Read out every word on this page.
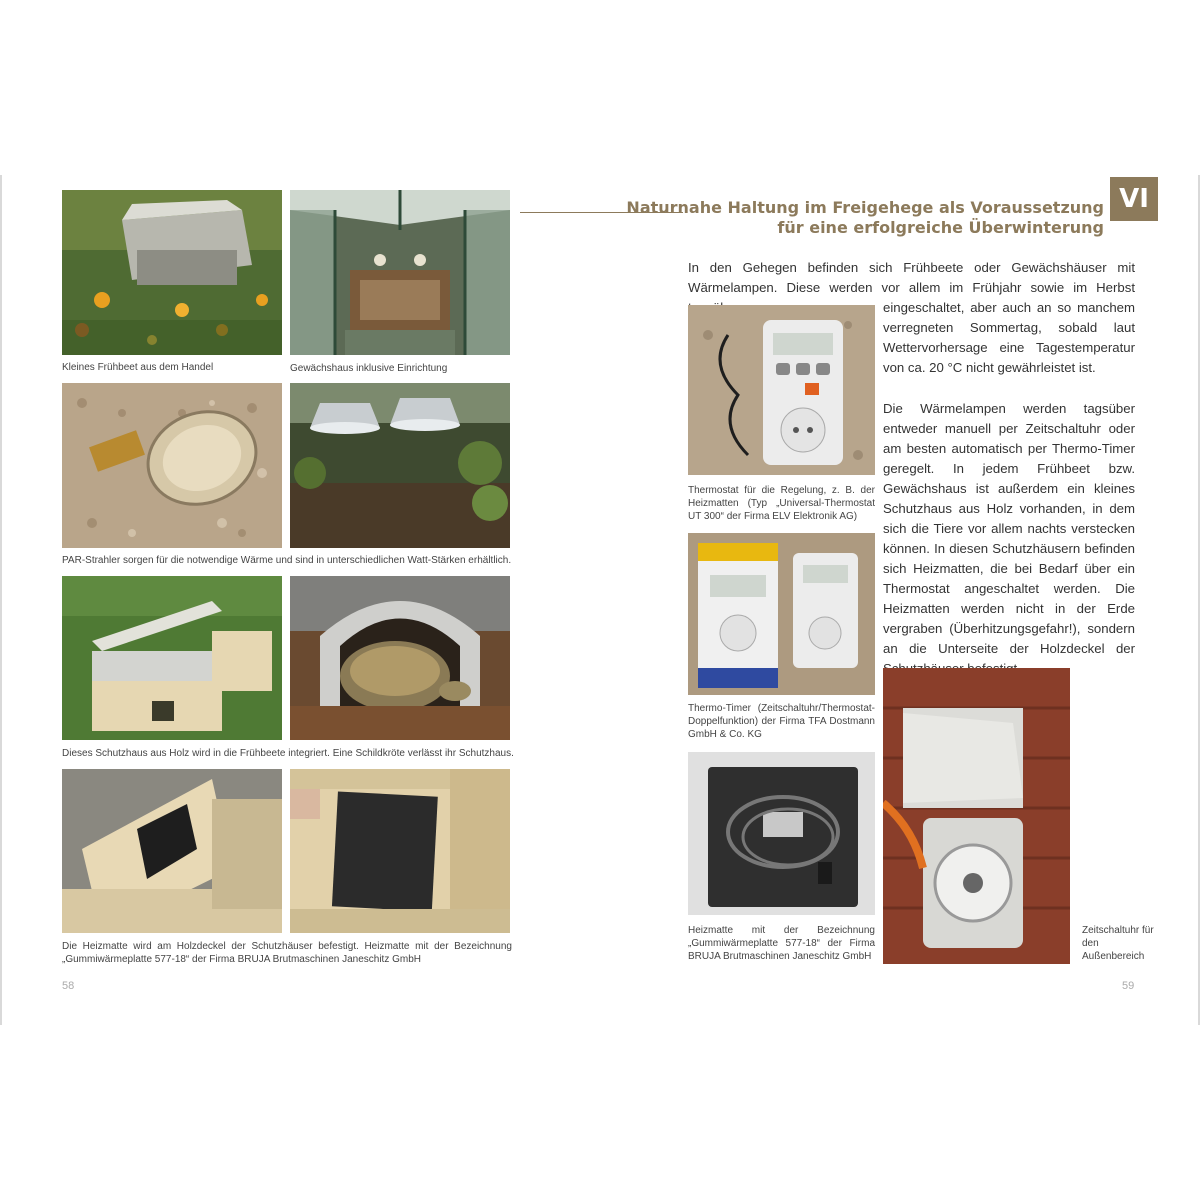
Kleines Frühbeet aus dem Handel	Gewächshaus inklusive Einrichtung
PAR-Strahler sorgen für die notwendige Wärme und sind in unterschiedlichen Watt-Stärken erhältlich.
Dieses Schutzhaus aus Holz wird in die Frühbeete integriert. Eine Schildkröte verlässt ihr Schutzhaus.
Die Heizmatte wird am Holzdeckel der Schutzhäuser befestigt. Heizmatte mit der Bezeichnung „Gummiwärmeplatte 577-18“ der Firma BRUJA Brutmaschinen Janeschitz GmbH
58
Naturnahe Haltung im Freigehege als Voraussetzung
für eine erfolgreiche Überwinterung
VI
In den Gehegen befinden sich Frühbeete oder Gewächshäuser mit Wärmelampen. Diese werden vor allem im Frühjahr sowie im Herbst
Thermostat für die Regelung, z. B. der Heizmatten (Typ „Universal-Thermostat UT 300“ der Firma ELV Elektronik AG)
eingeschaltet, aber auch an so manchem verregneten Sommertag, sobald laut Wettervorhersage eine Tagestemperatur von ca. 20 °C nicht gewährleistet ist.
Die Wärmelampen werden tagsüber entweder manuell per Zeitschaltuhr oder am besten automatisch per Thermo-Timer geregelt. In jedem Frühbeet bzw. Gewächshaus ist außerdem ein kleines Schutzhaus aus Holz vorhanden, in dem sich die Tiere vor allem nachts verstecken können. In diesen Schutzhäusern befinden sich Heizmatten, die bei Bedarf über ein Thermostat angeschaltet werden. Die Heizmatten werden nicht in der Erde vergraben (Überhitzungsgefahr!), sondern an die Unterseite der Holzdeckel der
Thermo-Timer (Zeitschaltuhr/Thermostat-Doppelfunktion) der Firma TFA Dostmann GmbH & Co. KG
Heizmatte mit der Bezeichnung „Gummiwärmeplatte 577-18“ der Firma BRUJA Brutmaschinen Janeschitz GmbH
Zeitschaltuhr für den Außenbereich
59
